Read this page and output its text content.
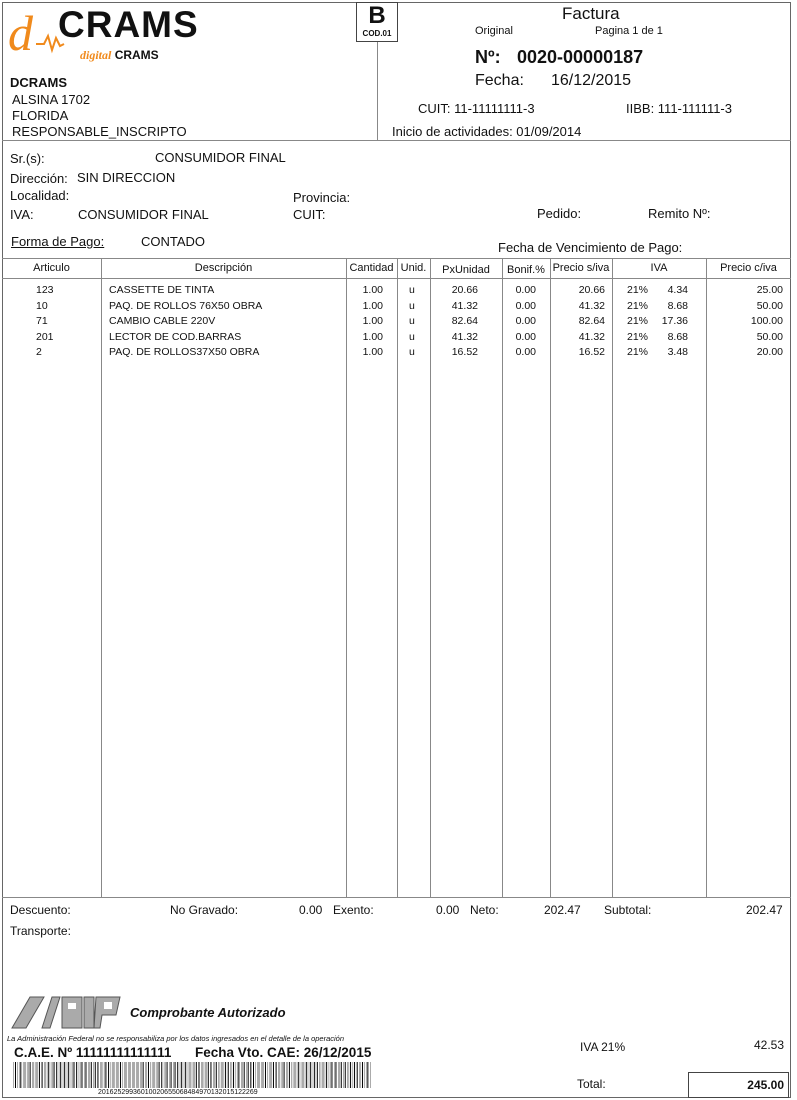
B
COD.01
d CRAMS
digital CRAMS
DCRAMS
ALSINA 1702
FLORIDA
RESPONSABLE_INSCRIPTO
Factura
Original	Pagina 1 de 1
Nº: 0020-00000187
Fecha: 16/12/2015
CUIT: 11-11111111-3	IIBB: 111-111111-3
Inicio de actividades: 01/09/2014
Sr.(s):	CONSUMIDOR FINAL
Dirección: SIN DIRECCION
Localidad:	Provincia:
IVA:	CONSUMIDOR FINAL	CUIT:	Pedido:	Remito Nº:
Forma de Pago:	CONTADO	Fecha de Vencimiento de Pago:
Articulo	Descripción	Cantidad Unid.	PxUnidad	Bonif.% Precio s/iva	IVA	Precio c/iva
123	CASSETTE DE TINTA	1.00 u	20.66	0.00	20.66 21%	4.34	25.00
10	PAQ. DE ROLLOS 76X50 OBRA	1.00 u	41.32	0.00	41.32 21%	8.68	50.00
71	CAMBIO CABLE 220V	1.00 u	82.64	0.00	82.64 21%	17.36	100.00
201	LECTOR DE COD.BARRAS	1.00 u	41.32	0.00	41.32 21%	8.68	50.00
2	PAQ. DE ROLLOS37X50 OBRA	1.00 u	16.52	0.00	16.52 21%	3.48	20.00
Descuento:	No Gravado:	0.00 Exento:	0.00 Neto:	202.47 Subtotal:	202.47
Transporte:
Comprobante Autorizado
La Administración Federal no se responsabiliza por los datos ingresados en el detalle de la operación
C.A.E. Nº 11111111111111 Fecha Vto. CAE: 26/12/2015
20162529936010020655068484970132015122269
IVA 21%	42.53
Total:	245.00
